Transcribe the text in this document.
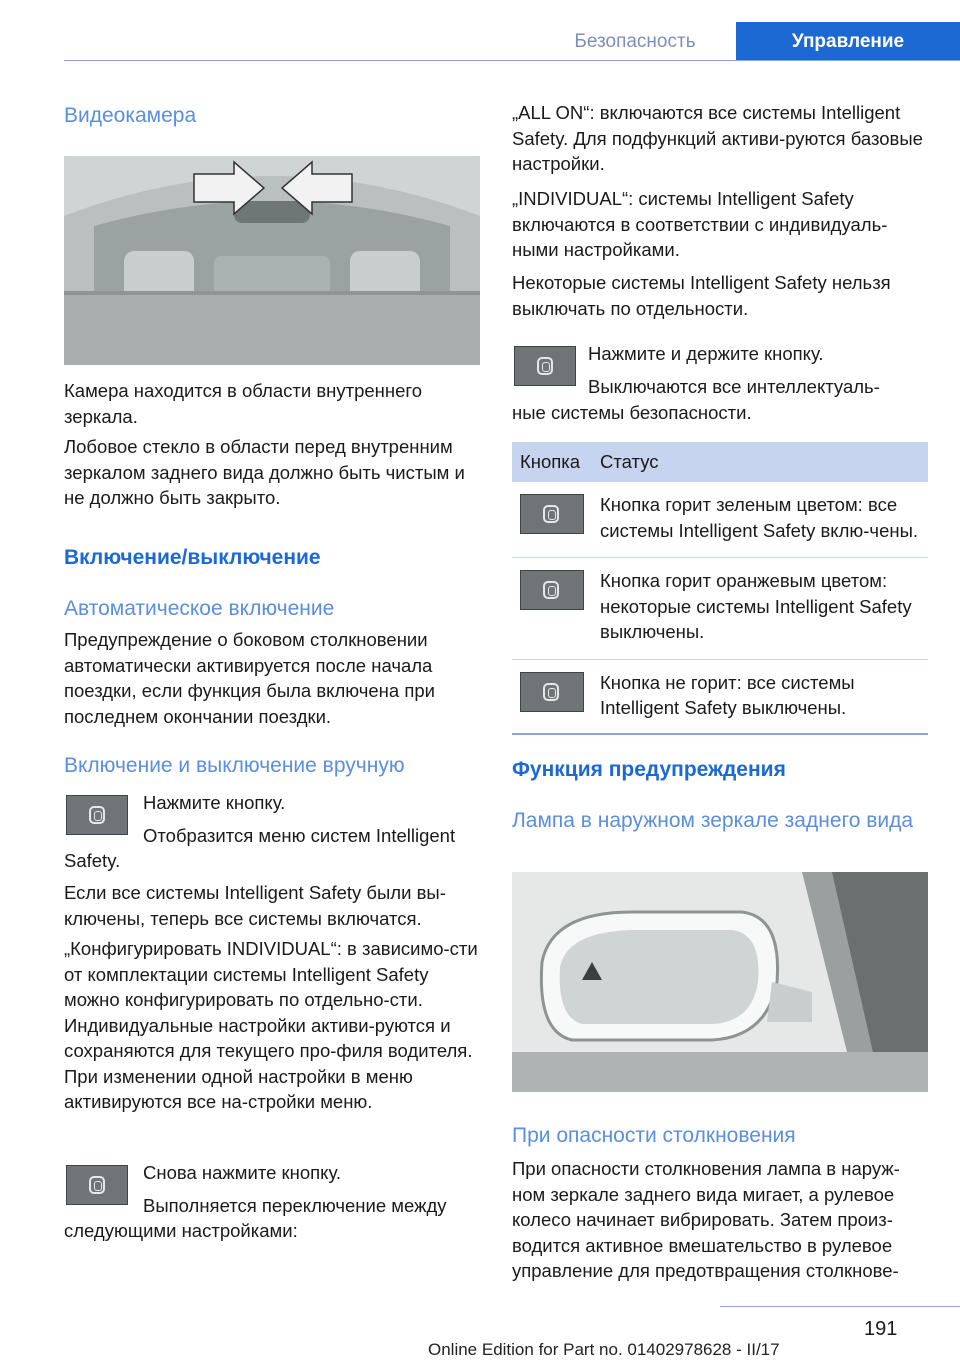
Безопасность	Управление
Видеокамера
Камера находится в области внутреннего зеркала.
Лобовое стекло в области перед внутренним зеркалом заднего вида должно быть чистым и не должно быть закрыто.
Включение/выключение
Автоматическое включение
Предупреждение о боковом столкновении автоматически активируется после начала поездки, если функция была включена при последнем окончании поездки.
Включение и выключение вручную
Нажмите кнопку.
Отобразится меню систем Intelligent
Safety.
Если все системы Intelligent Safety были вы-ключены, теперь все системы включатся.
„Конфигурировать INDIVIDUAL“: в зависимо-сти от комплектации системы Intelligent Safety можно конфигурировать по отдельно-сти. Индивидуальные настройки активи-руются и сохраняются для текущего про-филя водителя. При изменении одной настройки в меню активируются все на-стройки меню.
Снова нажмите кнопку.
Выполняется переключение между
следующими настройками:
„ALL ON“: включаются все системы Intelligent Safety. Для подфункций активи-руются базовые настройки.
„INDIVIDUAL“: системы Intelligent Safety включаются в соответствии с индивидуаль-ными настройками.
Некоторые системы Intelligent Safety нельзя выключать по отдельности.
Нажмите и держите кнопку.
Выключаются все интеллектуаль-
ные системы безопасности.
Кнопка	Статус

	Кнопка горит зеленым цветом: все системы Intelligent Safety вклю-чены.

	Кнопка горит оранжевым цветом: некоторые системы Intelligent Safety выключены.

	Кнопка не горит: все системы Intelligent Safety выключены.
Функция предупреждения
Лампа в наружном зеркале заднего вида
При опасности столкновения
При опасности столкновения лампа в наруж-ном зеркале заднего вида мигает, а рулевое колесо начинает вибрировать. Затем произ-водится активное вмешательство в рулевое управление для предотвращения столкнове-
191
Online Edition for Part no. 01402978628 - II/17
